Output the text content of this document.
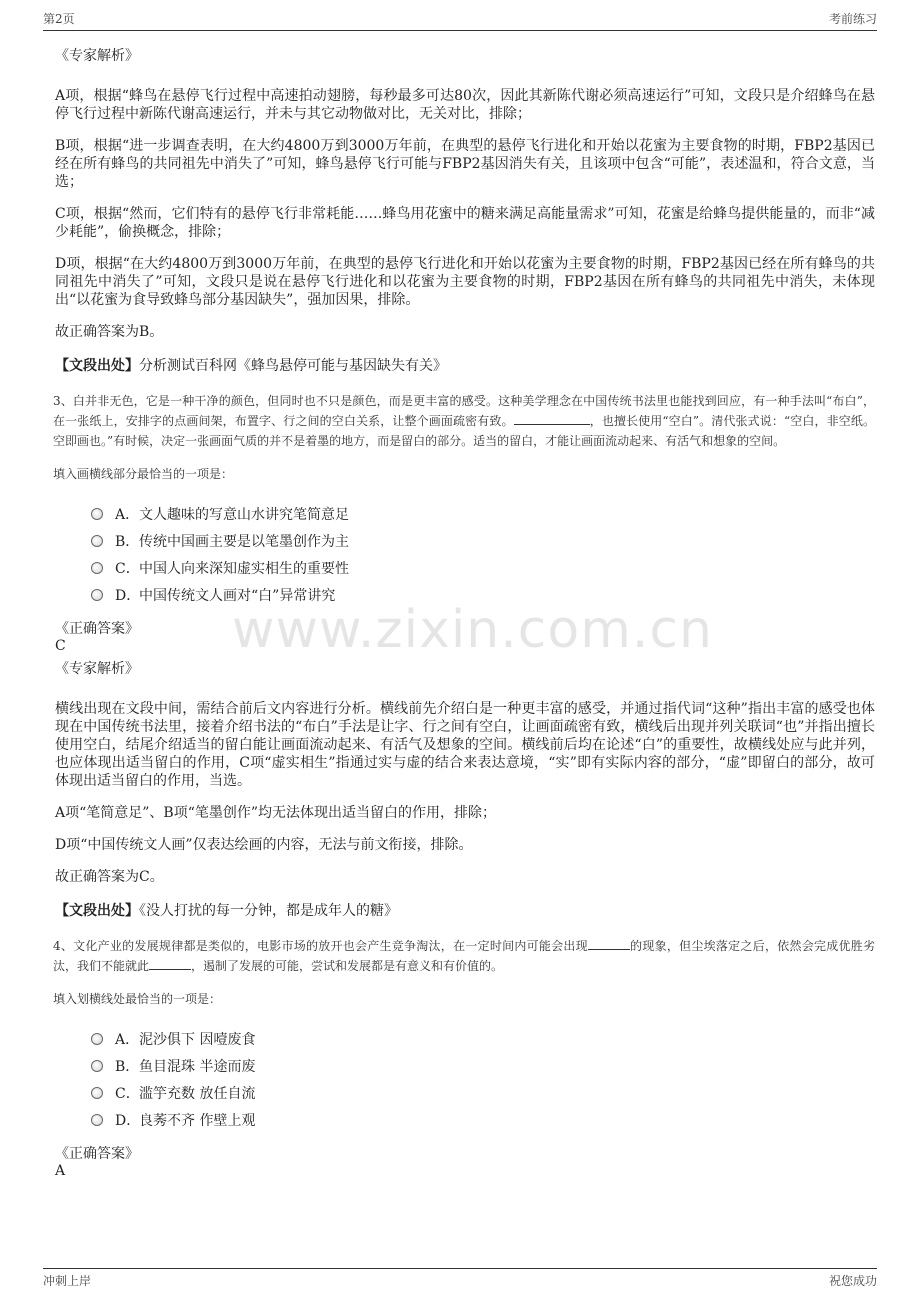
第2页	考前练习
www.zixin.com.cn
《专家解析》

A项，根据“蜂鸟在悬停飞行过程中高速拍动翅膀，每秒最多可达80次，因此其新陈代谢必须高速运行”可知，文段只是介绍蜂鸟在悬停飞行过程中新陈代谢高速运行，并未与其它动物做对比，无关对比，排除；

B项，根据“进一步调查表明，在大约4800万到3000万年前，在典型的悬停飞行进化和开始以花蜜为主要食物的时期，FBP2基因已经在所有蜂鸟的共同祖先中消失了”可知，蜂鸟悬停飞行可能与FBP2基因消失有关，且该项中包含“可能”，表述温和，符合文意，当选；

C项，根据“然而，它们特有的悬停飞行非常耗能……蜂鸟用花蜜中的糖来满足高能量需求”可知，花蜜是给蜂鸟提供能量的，而非“减少耗能”，偷换概念，排除；

D项，根据“在大约4800万到3000万年前，在典型的悬停飞行进化和开始以花蜜为主要食物的时期，FBP2基因已经在所有蜂鸟的共同祖先中消失了”可知，文段只是说在悬停飞行进化和以花蜜为主要食物的时期，FBP2基因在所有蜂鸟的共同祖先中消失，未体现出“以花蜜为食导致蜂鸟部分基因缺失”，强加因果，排除。

故正确答案为B。

【文段出处】分析测试百科网《蜂鸟悬停可能与基因缺失有关》
3、白并非无色，它是一种干净的颜色，但同时也不只是颜色，而是更丰富的感受。这种美学理念在中国传统书法里也能找到回应，有一种手法叫“布白”，在一张纸上，安排字的点画间架，布置字、行之间的空白关系，让整个画面疏密有致。	，也擅长使用“空白”。清代张式说：“空白，非空纸。空即画也。”有时候，决定一张画面气质的并不是着墨的地方，而是留白的部分。适当的留白，才能让画面流动起来、有活气和想象的空间。
填入画横线部分最恰当的一项是：
A． 文人趣味的写意山水讲究笔简意足
B． 传统中国画主要是以笔墨创作为主
C． 中国人向来深知虚实相生的重要性
D．
中国传统文人画对“白”异常讲究
《正确答案》
C
《专家解析》

横线出现在文段中间，需结合前后文内容进行分析。横线前先介绍白是一种更丰富的感受，并通过指代词“这种”指出丰富的感受也体现在中国传统书法里，接着介绍书法的“布白”手法是让字、行之间有空白，让画面疏密有致，横线后出现并列关联词“也”并指出擅长使用空白，结尾介绍适当的留白能让画面流动起来、有活气及想象的空间。横线前后均在论述“白”的重要性，故横线处应与此并列，也应体现出适当留白的作用，C项“虚实相生”指通过实与虚的结合来表达意境，“实”即有实际内容的部分，“虚”即留白的部分，故可体现出适当留白的作用，当选。

A项“笔简意足”、B项“笔墨创作”均无法体现出适当留白的作用，排除；

D项“中国传统文人画”仅表达绘画的内容，无法与前文衔接，排除。

故正确答案为C。

【文段出处】《没人打扰的每一分钟，都是成年人的糖》
4、文化产业的发展规律都是类似的，电影市场的放开也会产生竞争淘汰，在一定时间内可能会出现	的现象，但尘埃落定之后，依然会完成优胜劣汰，我们不能就此	，遏制了发展的可能，尝试和发展都是有意义和有价值的。
填入划横线处最恰当的一项是：
A． 泥沙俱下 因噎废食
B． 鱼目混珠 半途而废
C． 滥竽充数 放任自流
D．
良莠不齐 作壁上观
《正确答案》
A
冲刺上岸	祝您成功
